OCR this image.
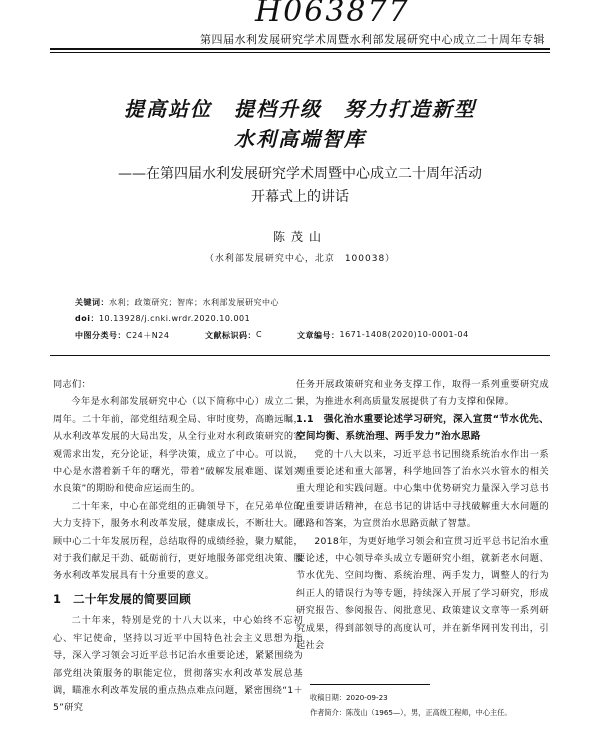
H063877
第四届水利发展研究学术周暨水利部发展研究中心成立二十周年专辑
提高站位　提档升级　努力打造新型
水利高端智库
——在第四届水利发展研究学术周暨中心成立二十周年活动
开幕式上的讲话
陈茂山
（水利部发展研究中心，北京　100038）
关键词：水利；政策研究；智库；水利部发展研究中心
doi：10.13928/j.cnki.wrdr.2020.10.001
中图分类号： C24＋N24	文献标识码： C	文章编号： 1671-1408(2020)10-0001-04

同志们：

今年是水利部发展研究中心（以下简称中心）成立二十周年。二十年前，部党组结观全局、审时度势，高瞻远瞩，从水利改革发展的大局出发，从全行业对水利政策研究的客观需求出发，充分论证，科学决策，成立了中心。可以说，中心是水潜着新千年的曙光，带着“破解发展难题、谋划兴水良策”的期盼和使命应运而生的。

二十年来，中心在部党组的正确领导下，在兄弟单位的大力支持下，服务水利改革发展，健康成长，不断壮大。回顾中心二十年发展历程，总结取得的成绩经验，聚力赋能，对于我们献足干劲、砥砺前行，更好地服务部党组决策、服务水利改革发展具有十分重要的意义。

1　二十年发展的简要回顾

二十年来，特别是党的十八大以来，中心始终不忘初心、牢记使命，坚持以习近平中国特色社会主义思想为指导，深入学习领会习近平总书记治水重要论述，紧紧围绕为部党组决策服务的职能定位，贯彻落实水利改革发展总基调，瞄准水利改革发展的重点热点难点问题，紧密围绕“1＋5”研究

任务开展政策研究和业务支撑工作，取得一系列重要研究成果，为推进水利高质量发展提供了有力支撑和保障。

1.1　强化治水重要论述学习研究，深入宣贯“节水优先、空间均衡、系统治理、两手发力”治水思路

党的十八大以来，习近平总书记围绕系统治水作出一系列重要论述和重大部署，科学地回答了治水兴水管水的相关重大理论和实践问题。中心集中优势研究力量深入学习总书记重要讲话精神，在总书记的讲话中寻找破解重大水问题的思路和答案，为宣贯治水思路贡献了智慧。

2018年，为更好地学习领会和宣贯习近平总书记治水重要论述，中心领导牵头成立专题研究小组，就新老水问题、节水优先、空间均衡、系统治理、两手发力，调整人的行为纠正人的错误行为等专题，持续深入开展了学习研究，形成研究报告、参阅报告、阅批意见、政策建议文章等一系列研究成果，得到部领导的高度认可，并在新华网刊发刊出，引起社会

收稿日期：2020-09-23
作者简介：陈茂山（1965—），男，正高级工程师，中心主任。
